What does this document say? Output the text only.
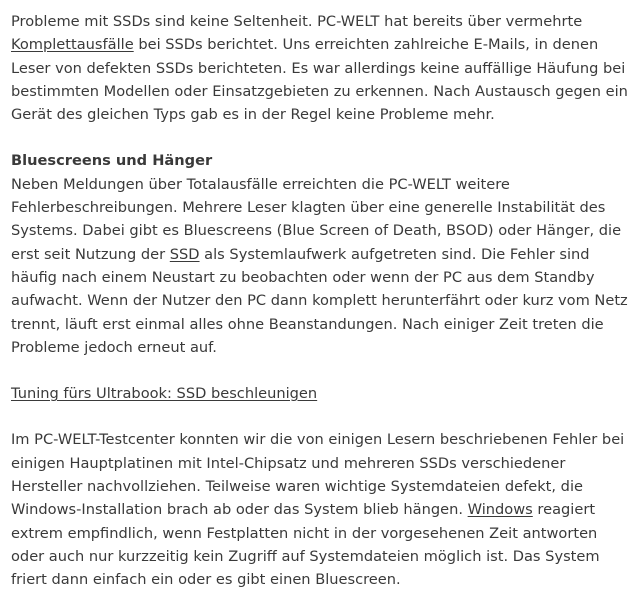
Probleme mit SSDs sind keine Seltenheit. PC-WELT hat bereits über vermehrte Komplettausfälle bei SSDs berichtet. Uns erreichten zahlreiche E-Mails, in denen Leser von defekten SSDs berichteten. Es war allerdings keine auffällige Häufung bei bestimmten Modellen oder Einsatzgebieten zu erkennen. Nach Austausch gegen ein Gerät des gleichen Typs gab es in der Regel keine Probleme mehr.

Bluescreens und Hänger

Neben Meldungen über Totalausfälle erreichten die PC-WELT weitere Fehlerbeschreibungen. Mehrere Leser klagten über eine generelle Instabilität des Systems. Dabei gibt es Bluescreens (Blue Screen of Death, BSOD) oder Hänger, die erst seit Nutzung der SSD als Systemlaufwerk aufgetreten sind. Die Fehler sind häufig nach einem Neustart zu beobachten oder wenn der PC aus dem Standby aufwacht. Wenn der Nutzer den PC dann komplett herunterfährt oder kurz vom Netz trennt, läuft erst einmal alles ohne Beanstandungen. Nach einiger Zeit treten die Probleme jedoch erneut auf.

Tuning fürs Ultrabook: SSD beschleunigen

Im PC-WELT-Testcenter konnten wir die von einigen Lesern beschriebenen Fehler bei einigen Hauptplatinen mit Intel-Chipsatz und mehreren SSDs verschiedener Hersteller nachvollziehen. Teilweise waren wichtige Systemdateien defekt, die Windows-Installation brach ab oder das System blieb hängen. Windows reagiert extrem empfindlich, wenn Festplatten nicht in der vorgesehenen Zeit antworten oder auch nur kurzzeitig kein Zugriff auf Systemdateien möglich ist. Das System friert dann einfach ein oder es gibt einen Bluescreen.
